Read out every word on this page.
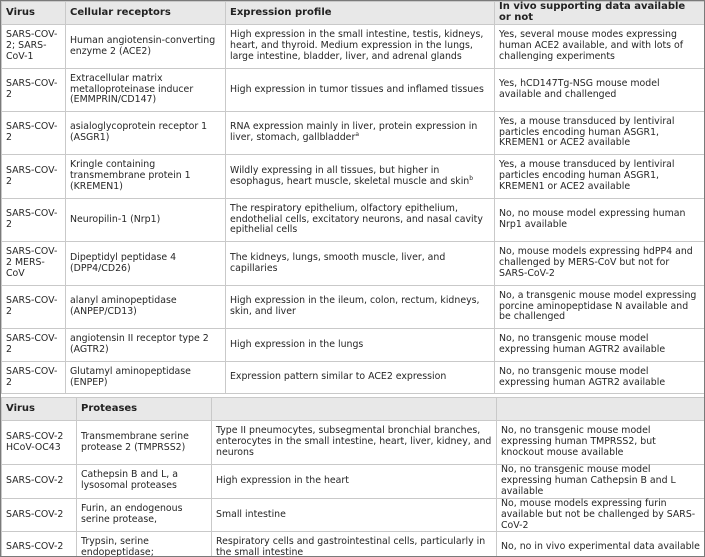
Virus	Cellular receptors	Expression profile	In vivo supporting data available or not
SARS-COV-2; SARS-CoV-1	Human angiotensin-converting enzyme 2 (ACE2)	High expression in the small intestine, testis, kidneys, heart, and thyroid. Medium expression in the lungs, large intestine, bladder, liver, and adrenal glands	Yes, several mouse modes expressing human ACE2 available, and with lots of challenging experiments
SARS-COV-2	Extracellular matrix metalloproteinase inducer (EMMPRIN/CD147)	High expression in tumor tissues and inflamed tissues	Yes, hCD147Tg-NSG mouse model available and challenged
SARS-COV-2	asialoglycoprotein receptor 1 (ASGR1)	RNA expression mainly in liver, protein expression in liver, stomach, gallbladder$^a$	Yes, a mouse transduced by lentiviral particles encoding human ASGR1, KREMEN1 or ACE2 available
SARS-COV-2	Kringle containing transmembrane protein 1 (KREMEN1)	Wildly expressing in all tissues, but higher in esophagus, heart muscle, skeletal muscle and skin$^b$	Yes, a mouse transduced by lentiviral particles encoding human ASGR1, KREMEN1 or ACE2 available
SARS-COV-2	Neuropilin-1 (Nrp1)	The respiratory epithelium, olfactory epithelium, endothelial cells, excitatory neurons, and nasal cavity epithelial cells	No, no mouse model expressing human Nrp1 available
SARS-COV-2 MERS-CoV	Dipeptidyl peptidase 4 (DPP4/CD26)	The kidneys, lungs, smooth muscle, liver, and capillaries	No, mouse models expressing hdPP4 and challenged by MERS-CoV but not for SARS-CoV-2
SARS-COV-2	alanyl aminopeptidase (ANPEP/CD13)	High expression in the ileum, colon, rectum, kidneys, skin, and liver	No, a transgenic mouse model expressing porcine aminopeptidase N available and be challenged
SARS-COV-2	angiotensin II receptor type 2 (AGTR2)	High expression in the lungs	No, no transgenic mouse model expressing human AGTR2 available
SARS-COV-2	Glutamyl aminopeptidase (ENPEP)	Expression pattern similar to ACE2 expression	No, no transgenic mouse model expressing human AGTR2 available
Virus	Proteases		
SARS-COV-2 HCoV-OC43	Transmembrane serine protease 2 (TMPRSS2)	Type II pneumocytes, subsegmental bronchial branches, enterocytes in the small intestine, heart, liver, kidney, and neurons	No, no transgenic mouse model expressing human TMPRSS2, but knockout mouse available
SARS-COV-2	Cathepsin B and L, a lysosomal proteases	High expression in the heart	No, no transgenic mouse model expressing human Cathepsin B and L available
SARS-COV-2	Furin, an endogenous serine protease,	Small intestine	No, mouse models expressing furin available but not be challenged by SARS-CoV-2
SARS-COV-2	Trypsin, serine endopeptidase;	Respiratory cells and gastrointestinal cells, particularly in the small intestine	No, no in vivo experimental data available
